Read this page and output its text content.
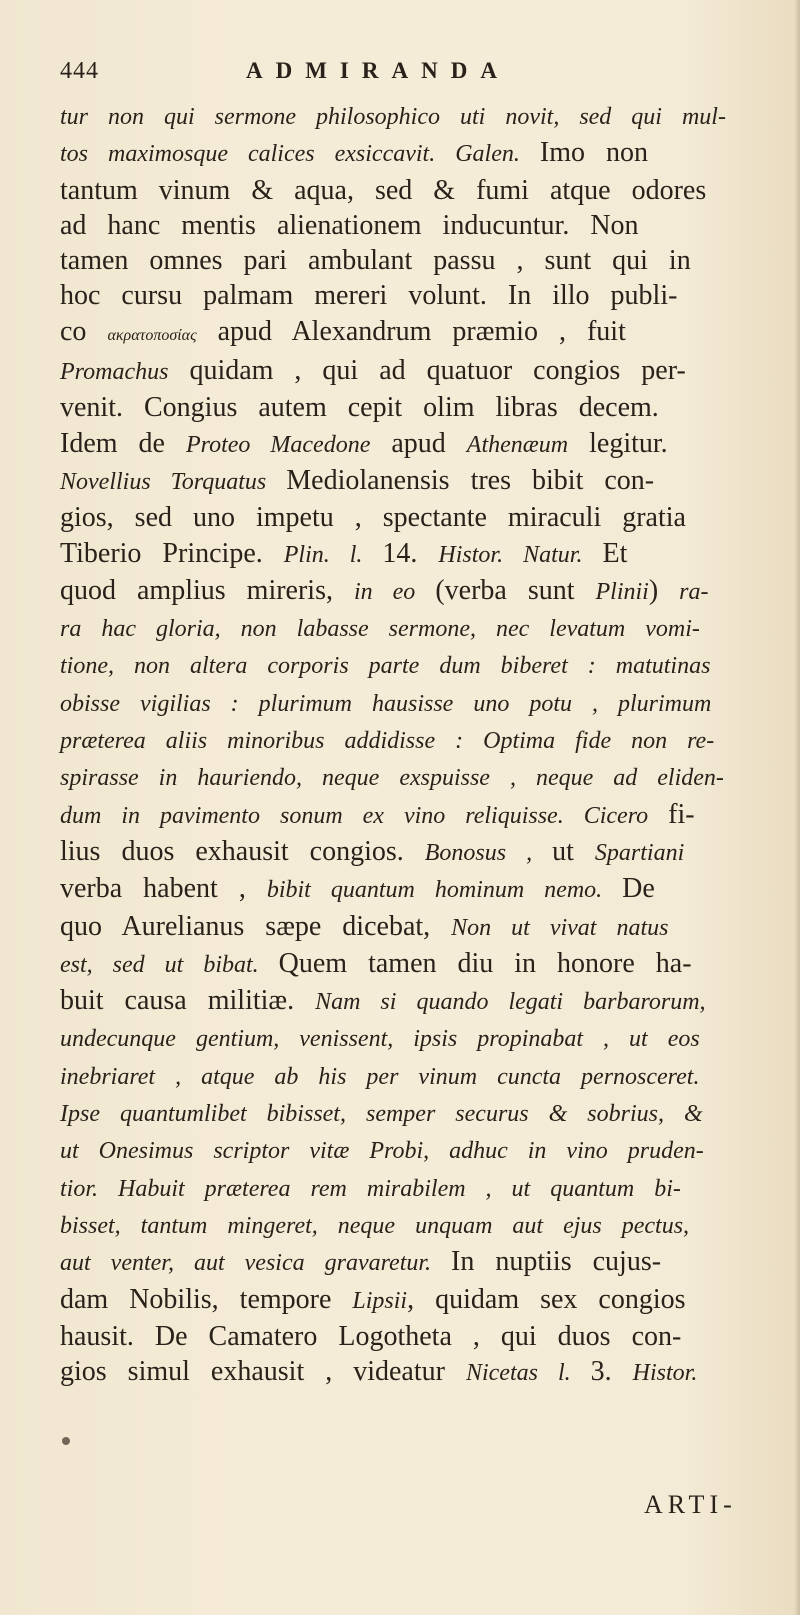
444	ADMIRANDA
tur non qui sermone philosophico uti novit, sed qui mul-
tos maximosque calices exsiccavit. Galen. Imo non
tantum vinum & aqua, sed & fumi atque odores
ad hanc mentis alienationem inducuntur. Non
tamen omnes pari ambulant passu , sunt qui in
hoc cursu palmam mereri volunt. In illo publi-
co ακρατοποσίας apud Alexandrum præmio , fuit
Promachus quidam , qui ad quatuor congios per-
venit. Congius autem cepit olim libras decem.
Idem de Proteo Macedone apud Athenæum legitur.
Novellius Torquatus Mediolanensis tres bibit con-
gios, sed uno impetu , spectante miraculi gratia
Tiberio Principe. Plin. l. 14. Histor. Natur. Et
quod amplius mireris, in eo (verba sunt Plinii) ra-
ra hac gloria, non labasse sermone, nec levatum vomi-
tione, non altera corporis parte dum biberet : matutinas
obisse vigilias : plurimum hausisse uno potu , plurimum
præterea aliis minoribus addidisse : Optima fide non re-
spirasse in hauriendo, neque exspuisse , neque ad eliden-
dum in pavimento sonum ex vino reliquisse. Cicero fi-
lius duos exhausit congios. Bonosus , ut Spartiani
verba habent , bibit quantum hominum nemo. De
quo Aurelianus sæpe dicebat, Non ut vivat natus
est, sed ut bibat. Quem tamen diu in honore ha-
buit causa militiæ. Nam si quando legati barbarorum,
undecunque gentium, venissent, ipsis propinabat , ut eos
inebriaret , atque ab his per vinum cuncta pernosceret.
Ipse quantumlibet bibisset, semper securus & sobrius, &
ut Onesimus scriptor vitæ Probi, adhuc in vino pruden-
tior. Habuit præterea rem mirabilem , ut quantum bi-
bisset, tantum mingeret, neque unquam aut ejus pectus,
aut venter, aut vesica gravaretur. In nuptiis cujus-
dam Nobilis, tempore Lipsii, quidam sex congios
hausit. De Camatero Logotheta , qui duos con-
gios simul exhausit , videatur Nicetas l. 3. Histor.
ARTI-
